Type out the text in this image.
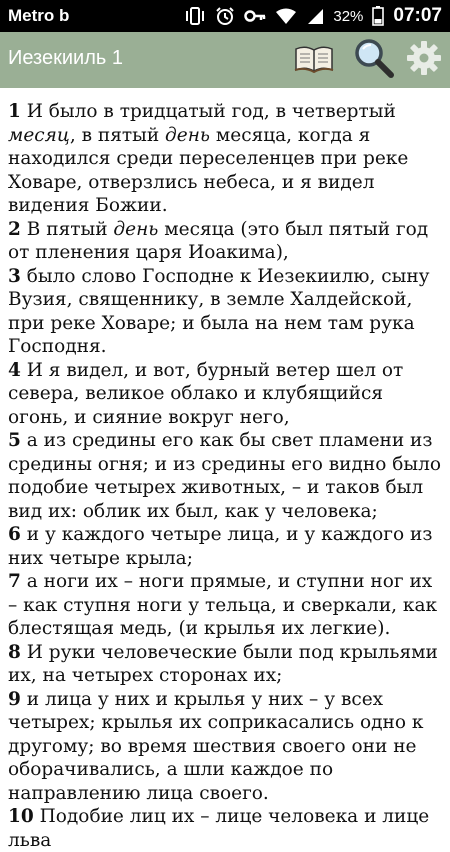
Metro b	32% 07:07
Иезекииль 1

1 И было в тридцатый год, в четвертый месяц, в пятый день месяца, когда я находился среди переселенцев при реке Ховаре, отверзлись небеса, и я видел видения Божии.

2 В пятый день месяца (это был пятый год от пленения царя Иоакима),

3 было слово Господне к Иезекиилю, сыну Вузия, священнику, в земле Халдейской, при реке Ховаре; и была на нем там рука Господня.

4 И я видел, и вот, бурный ветер шел от севера, великое облако и клубящийся огонь, и сияние вокруг него,

5 а из средины его как бы свет пламени из средины огня; и из средины его видно было подобие четырех животных, – и таков был вид их: облик их был, как у человека;

6 и у каждого четыре лица, и у каждого из них четыре крыла;

7 а ноги их – ноги прямые, и ступни ног их – как ступня ноги у тельца, и сверкали, как блестящая медь, (и крылья их легкие).

8 И руки человеческие были под крыльями их, на четырех сторонах их;

9 и лица у них и крылья у них – у всех четырех; крылья их соприкасались одно к другому; во время шествия своего они не оборачивались, а шли каждое по направлению лица своего.

10 Подобие лиц их – лице человека и лице льва
